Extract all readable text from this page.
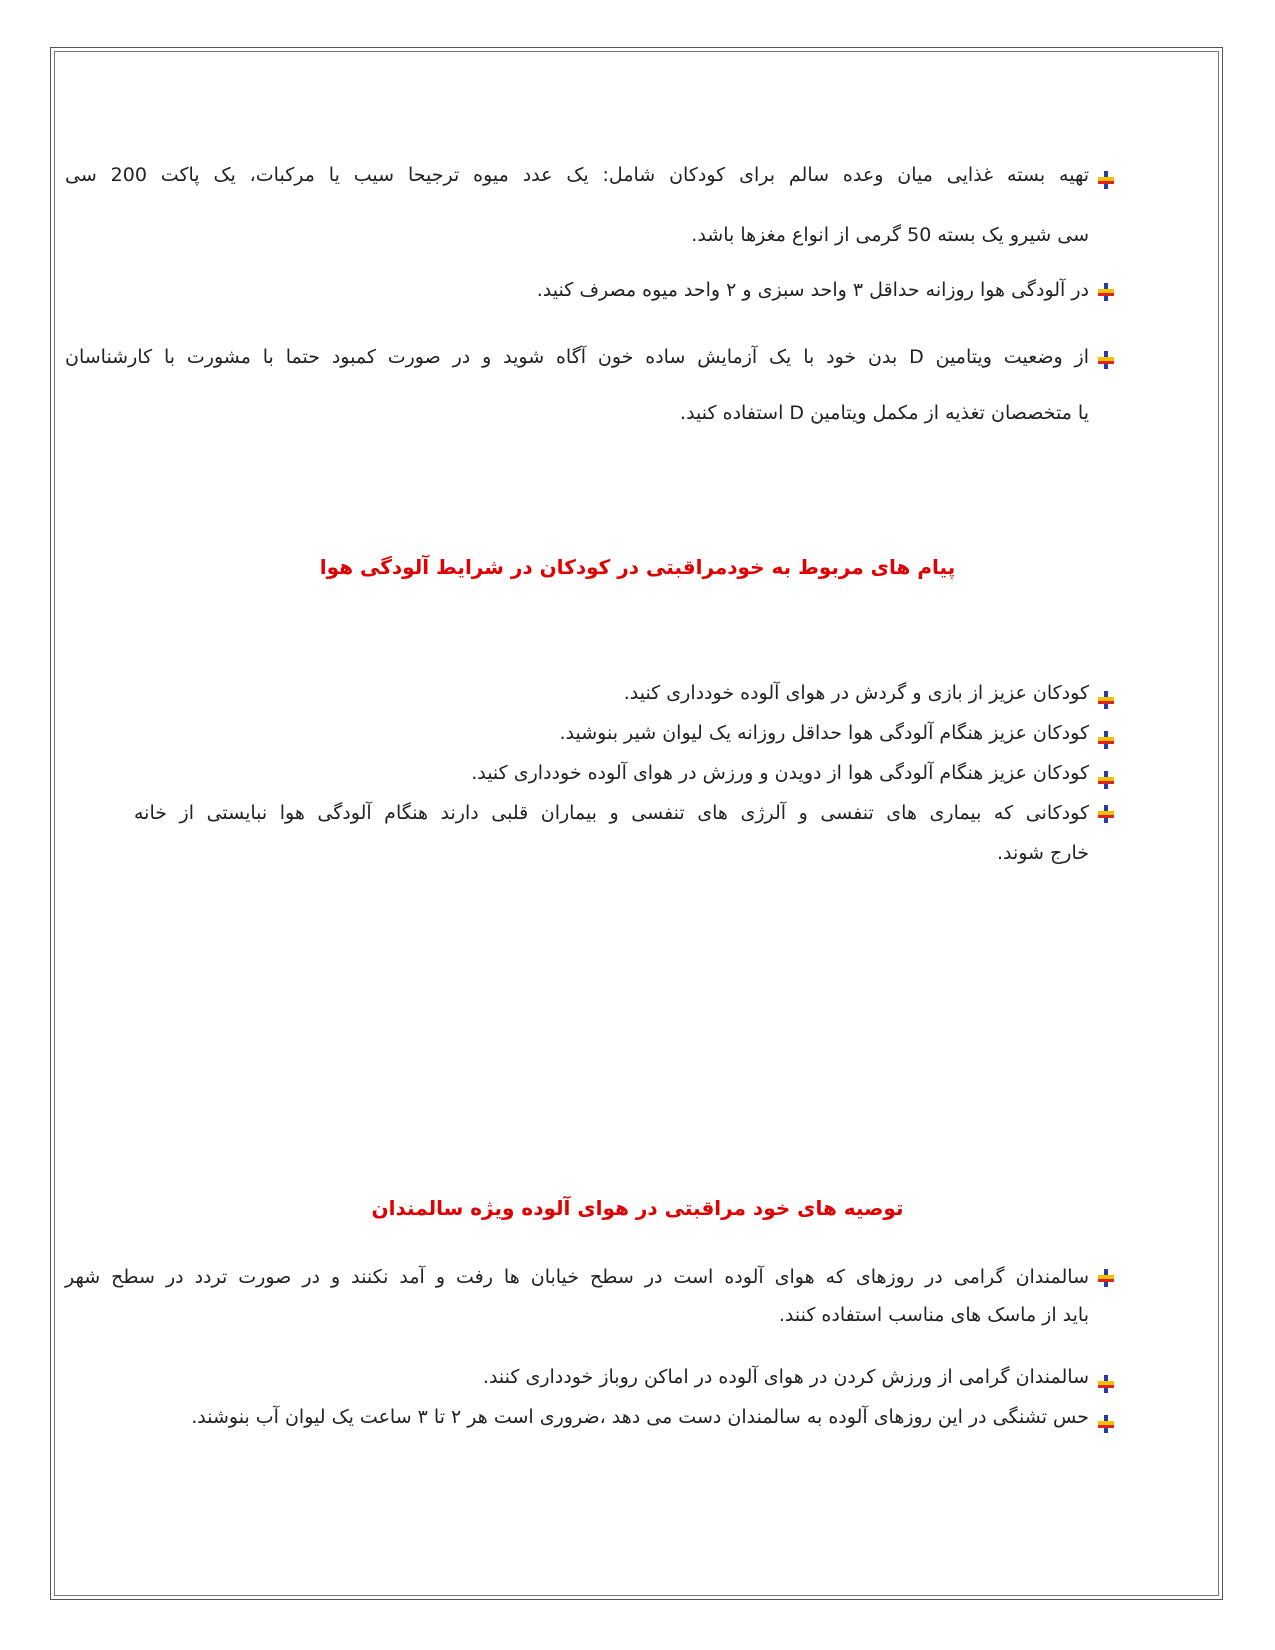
تهیه بسته غذایی میان وعده سالم برای کودکان شامل: یک عدد میوه ترجیحا سیب یا مرکبات، یک پاکت 200 سی
سی شیرو یک بسته 50 گرمی از انواع مغزها باشد.
در آلودگی هوا روزانه حداقل ۳ واحد سبزی و ۲ واحد میوه مصرف کنید.
از وضعیت ویتامین D بدن خود با یک آزمایش ساده خون آگاه شوید و در صورت کمبود حتما با مشورت با کارشناسان
یا متخصصان تغذیه از مکمل ویتامین D استفاده کنید.
پیام های مربوط به خودمراقبتی در کودکان در شرایط آلودگی هوا
کودکان عزیز از بازی و گردش در هوای آلوده خودداری کنید.
کودکان عزیز هنگام آلودگی هوا حداقل روزانه یک لیوان شیر بنوشید.
کودکان عزیز هنگام آلودگی هوا از دویدن و ورزش در هوای آلوده خودداری کنید.
کودکانی که بیماری های تنفسی و آلرژی های تنفسی و بیماران قلبی دارند هنگام آلودگی هوا نبایستی از خانه
خارج شوند.
توصیه های خود مراقبتی در هوای آلوده ویژه سالمندان
سالمندان گرامی در روزهای که هوای آلوده است در سطح خیابان ها رفت و آمد نکنند و در صورت تردد در سطح شهر
باید از ماسک های مناسب استفاده کنند.
سالمندان گرامی از ورزش کردن در هوای آلوده در اماکن روباز خودداری کنند.
حس تشنگی در این روزهای آلوده به سالمندان دست می دهد ،ضروری است هر ۲ تا ۳ ساعت یک لیوان آب بنوشند.
